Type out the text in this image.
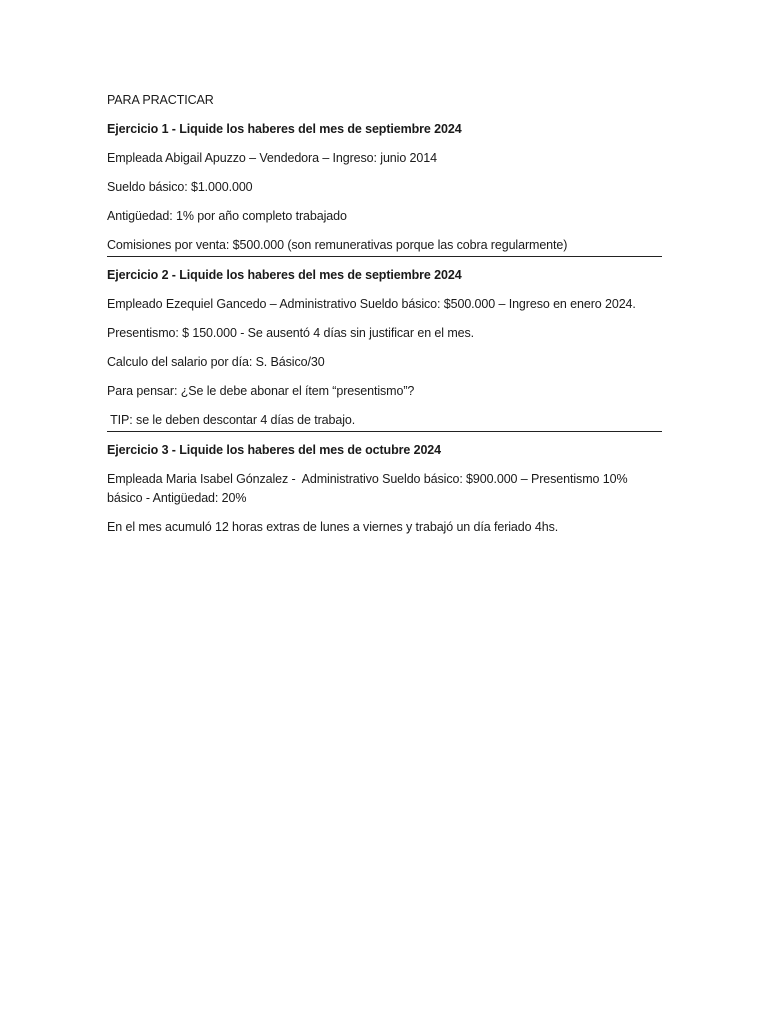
PARA PRACTICAR

Ejercicio 1 - Liquide los haberes del mes de septiembre 2024

Empleada Abigail Apuzzo – Vendedora – Ingreso: junio 2014

Sueldo básico: $1.000.000

Antigüedad: 1% por año completo trabajado

Comisiones por venta: $500.000 (son remunerativas porque las cobra regularmente)

Ejercicio 2 - Liquide los haberes del mes de septiembre 2024

Empleado Ezequiel Gancedo – Administrativo Sueldo básico: $500.000 – Ingreso en enero 2024.

Presentismo: $ 150.000 - Se ausentó 4 días sin justificar en el mes.

Calculo del salario por día: S. Básico/30

Para pensar: ¿Se le debe abonar el ítem “presentismo”?

TIP: se le deben descontar 4 días de trabajo.

Ejercicio 3 - Liquide los haberes del mes de octubre 2024

Empleada Maria Isabel Gónzalez -  Administrativo Sueldo básico: $900.000 – Presentismo 10% básico - Antigüedad: 20%

En el mes acumuló 12 horas extras de lunes a viernes y trabajó un día feriado 4hs.
